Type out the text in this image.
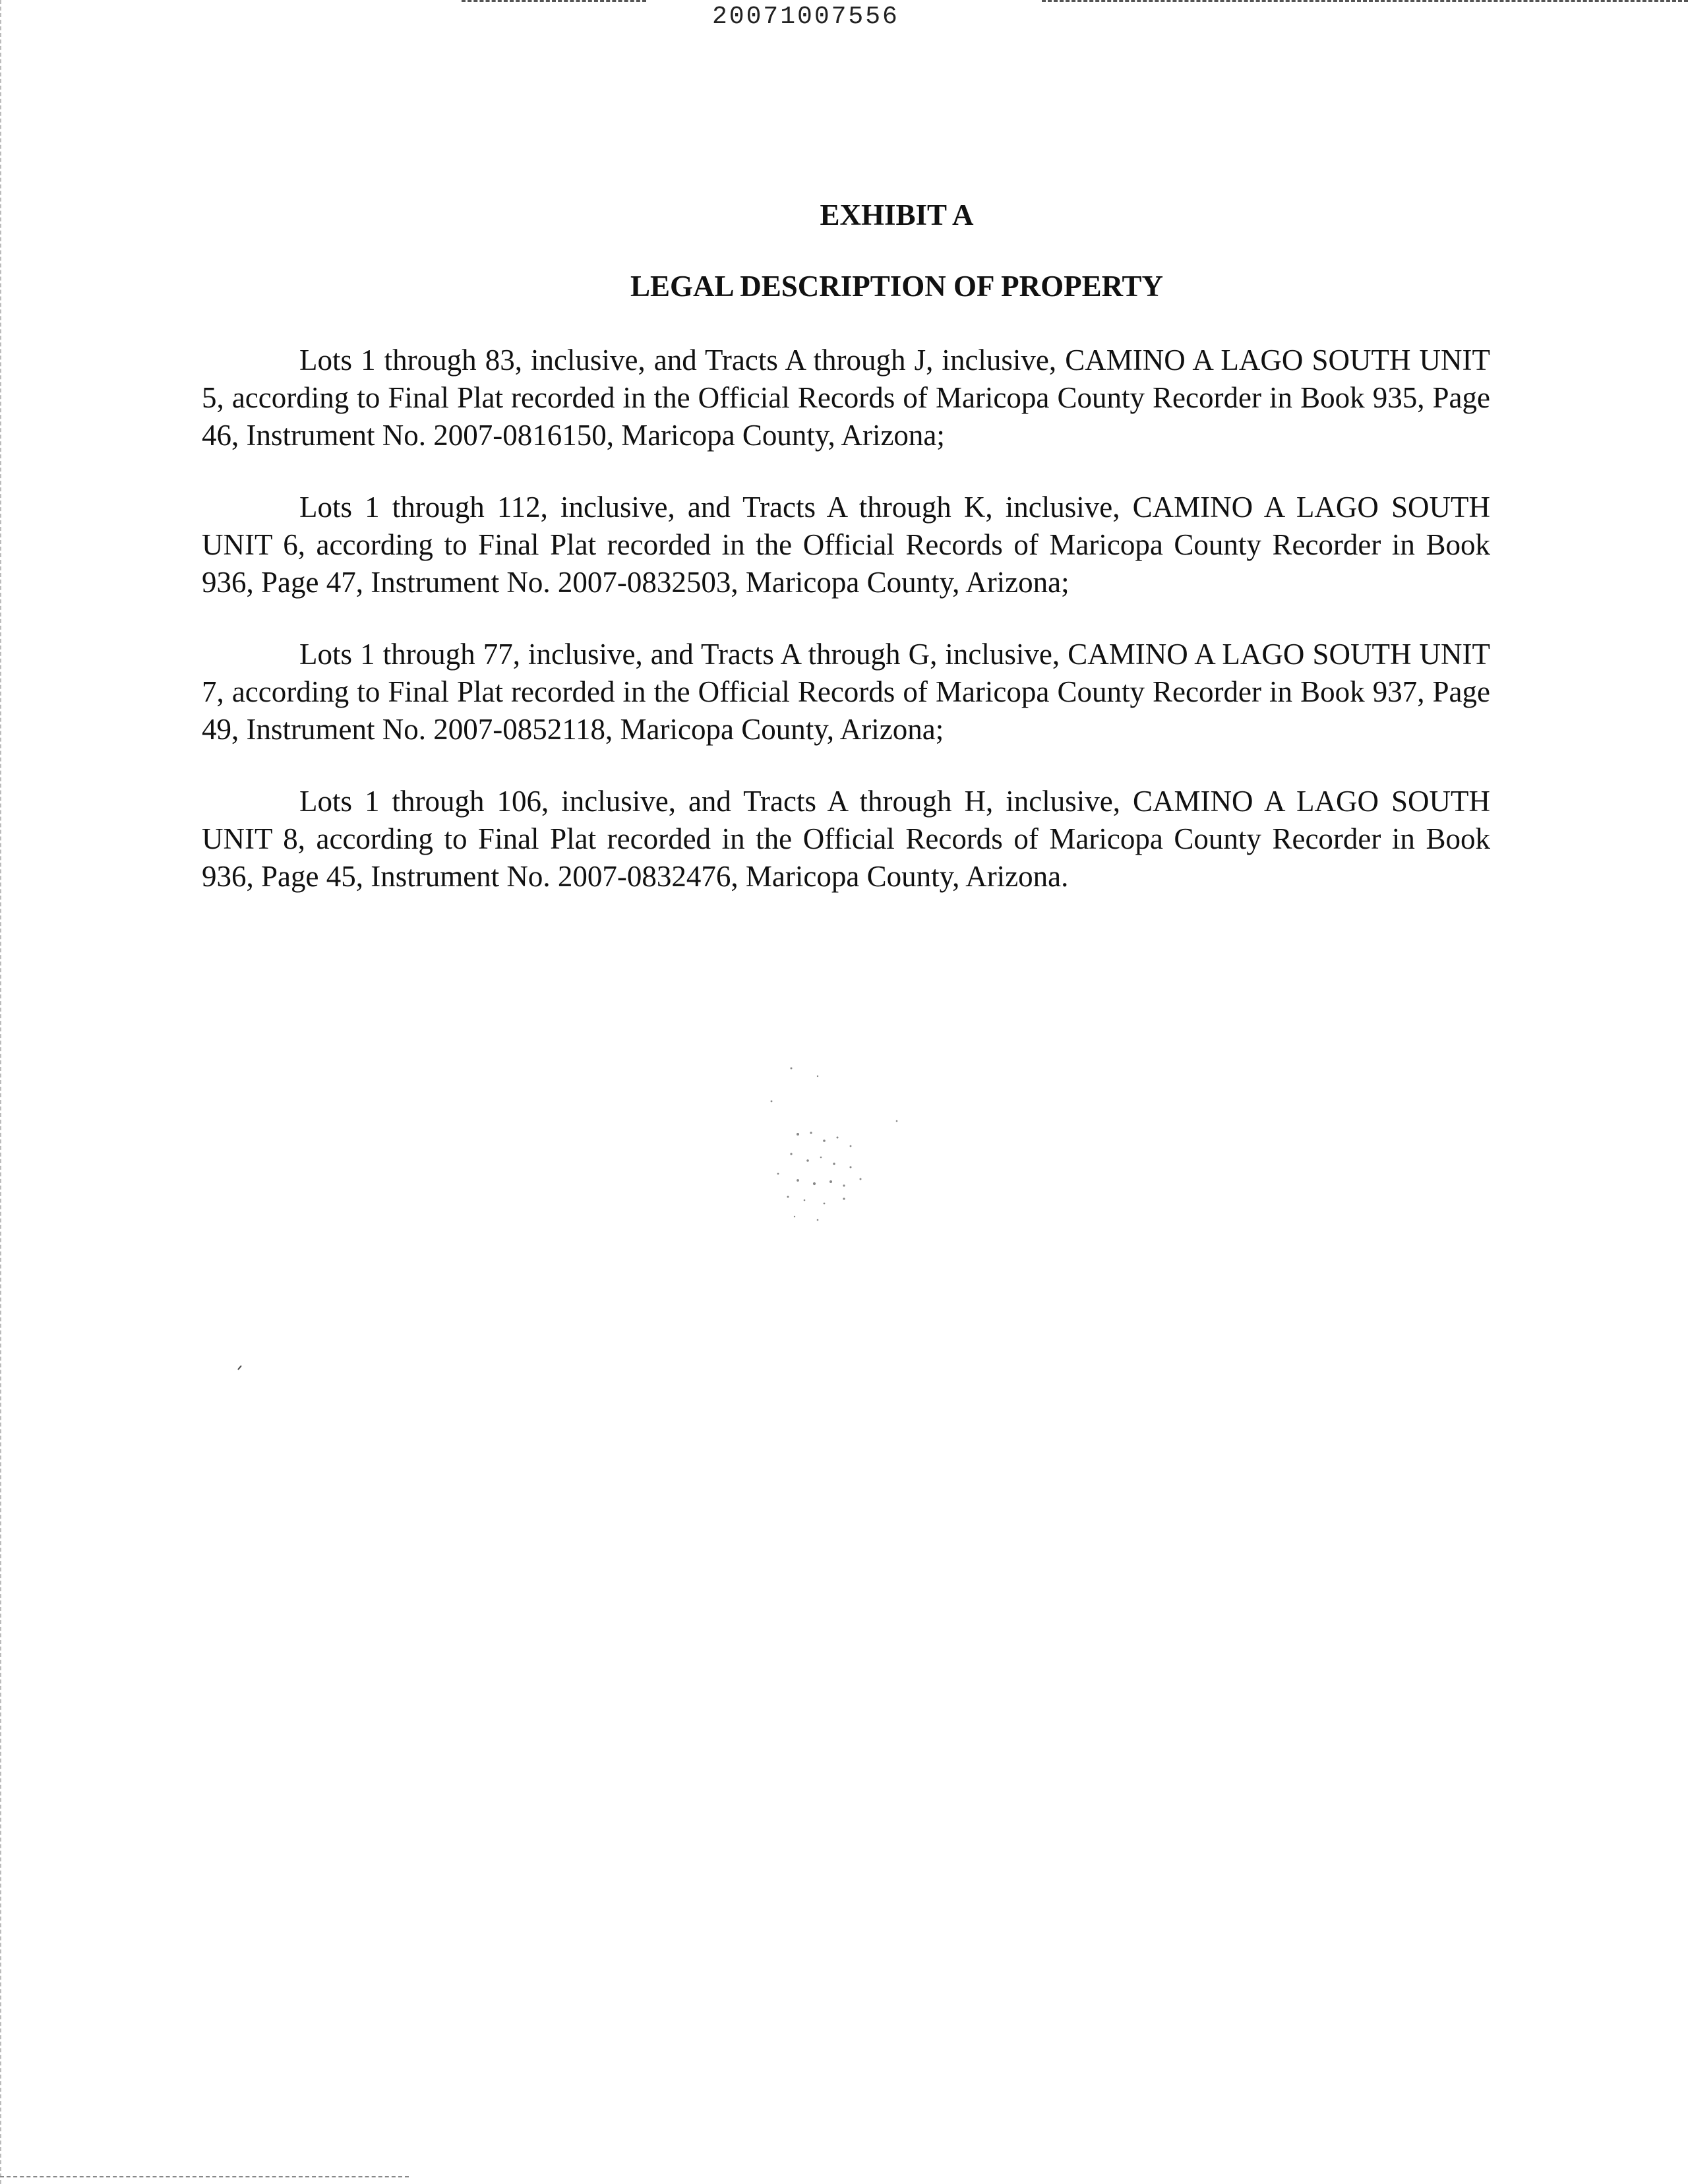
20071007556
EXHIBIT A
LEGAL DESCRIPTION OF PROPERTY

Lots 1 through 83, inclusive, and Tracts A through J, inclusive, CAMINO A LAGO SOUTH UNIT 5, according to Final Plat recorded in the Official Records of Maricopa County Recorder in Book 935, Page 46, Instrument No. 2007-0816150, Maricopa County, Arizona;

Lots 1 through 112, inclusive, and Tracts A through K, inclusive, CAMINO A LAGO SOUTH UNIT 6, according to Final Plat recorded in the Official Records of Maricopa County Recorder in Book 936, Page 47, Instrument No. 2007-0832503, Maricopa County, Arizona;

Lots 1 through 77, inclusive, and Tracts A through G, inclusive, CAMINO A LAGO SOUTH UNIT 7, according to Final Plat recorded in the Official Records of Maricopa County Recorder in Book 937, Page 49, Instrument No. 2007-0852118, Maricopa County, Arizona;

Lots 1 through 106, inclusive, and Tracts A through H, inclusive, CAMINO A LAGO SOUTH UNIT 8, according to Final Plat recorded in the Official Records of Maricopa County Recorder in Book 936, Page 45, Instrument No. 2007-0832476, Maricopa County, Arizona.
